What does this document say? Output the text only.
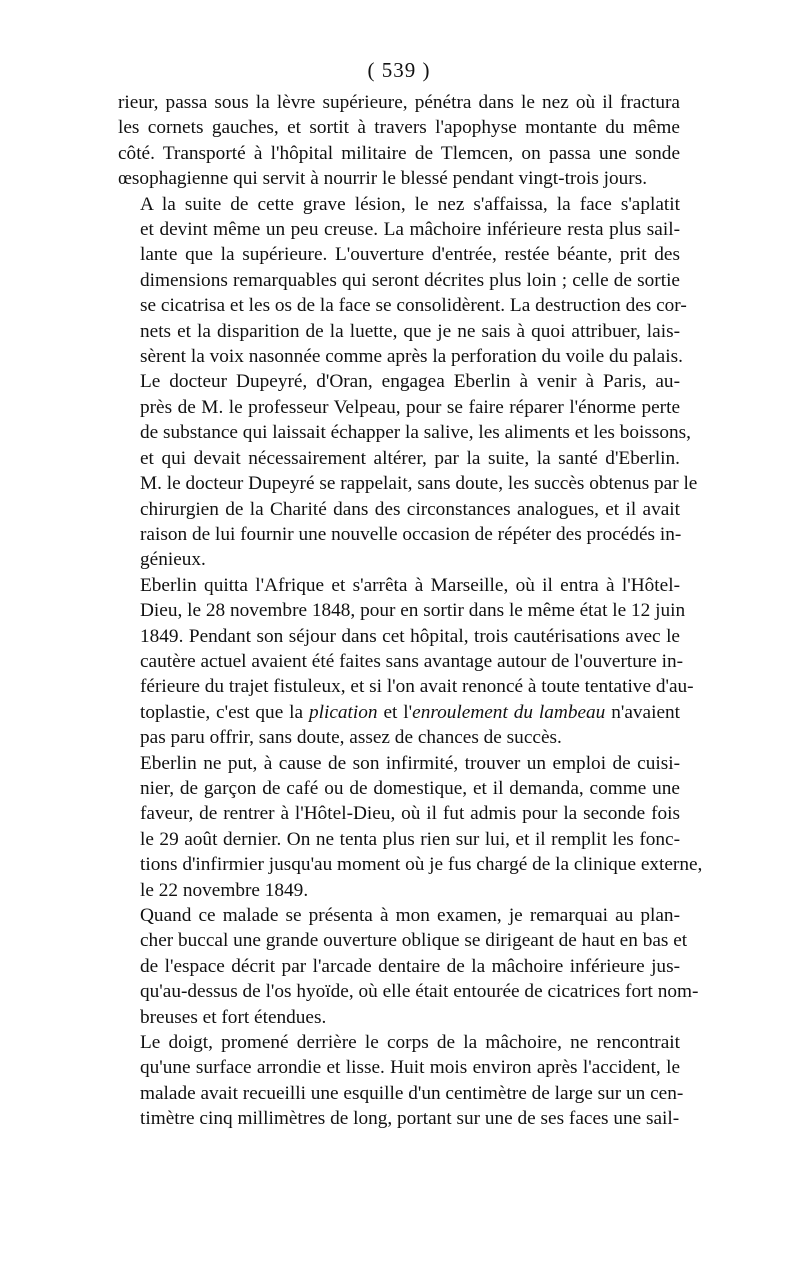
( 539 )

rieur, passa sous la lèvre supérieure, pénétra dans le nez où il fractura
les cornets gauches, et sortit à travers l'apophyse montante du même
côté. Transporté à l'hôpital militaire de Tlemcen, on passa une sonde
œsophagienne qui servit à nourrir le blessé pendant vingt-trois jours.

A la suite de cette grave lésion, le nez s'affaissa, la face s'aplatit
et devint même un peu creuse. La mâchoire inférieure resta plus sail-
lante que la supérieure. L'ouverture d'entrée, restée béante, prit des
dimensions remarquables qui seront décrites plus loin ; celle de sortie
se cicatrisa et les os de la face se consolidèrent. La destruction des cor-
nets et la disparition de la luette, que je ne sais à quoi attribuer, lais-
sèrent la voix nasonnée comme après la perforation du voile du palais.

Le docteur Dupeyré, d'Oran, engagea Eberlin à venir à Paris, au-
près de M. le professeur Velpeau, pour se faire réparer l'énorme perte
de substance qui laissait échapper la salive, les aliments et les boissons,
et qui devait nécessairement altérer, par la suite, la santé d'Eberlin.
M. le docteur Dupeyré se rappelait, sans doute, les succès obtenus par le
chirurgien de la Charité dans des circonstances analogues, et il avait
raison de lui fournir une nouvelle occasion de répéter des procédés in-
génieux.

Eberlin quitta l'Afrique et s'arrêta à Marseille, où il entra à l'Hôtel-
Dieu, le 28 novembre 1848, pour en sortir dans le même état le 12 juin
1849. Pendant son séjour dans cet hôpital, trois cautérisations avec le
cautère actuel avaient été faites sans avantage autour de l'ouverture in-
férieure du trajet fistuleux, et si l'on avait renoncé à toute tentative d'au-
toplastie, c'est que la plication et l'enroulement du lambeau n'avaient
pas paru offrir, sans doute, assez de chances de succès.

Eberlin ne put, à cause de son infirmité, trouver un emploi de cuisi-
nier, de garçon de café ou de domestique, et il demanda, comme une
faveur, de rentrer à l'Hôtel-Dieu, où il fut admis pour la seconde fois
le 29 août dernier. On ne tenta plus rien sur lui, et il remplit les fonc-
tions d'infirmier jusqu'au moment où je fus chargé de la clinique externe,
le 22 novembre 1849.

Quand ce malade se présenta à mon examen, je remarquai au plan-
cher buccal une grande ouverture oblique se dirigeant de haut en bas et
de l'espace décrit par l'arcade dentaire de la mâchoire inférieure jus-
qu'au-dessus de l'os hyoïde, où elle était entourée de cicatrices fort nom-
breuses et fort étendues.

Le doigt, promené derrière le corps de la mâchoire, ne rencontrait
qu'une surface arrondie et lisse. Huit mois environ après l'accident, le
malade avait recueilli une esquille d'un centimètre de large sur un cen-
timètre cinq millimètres de long, portant sur une de ses faces une sail-
